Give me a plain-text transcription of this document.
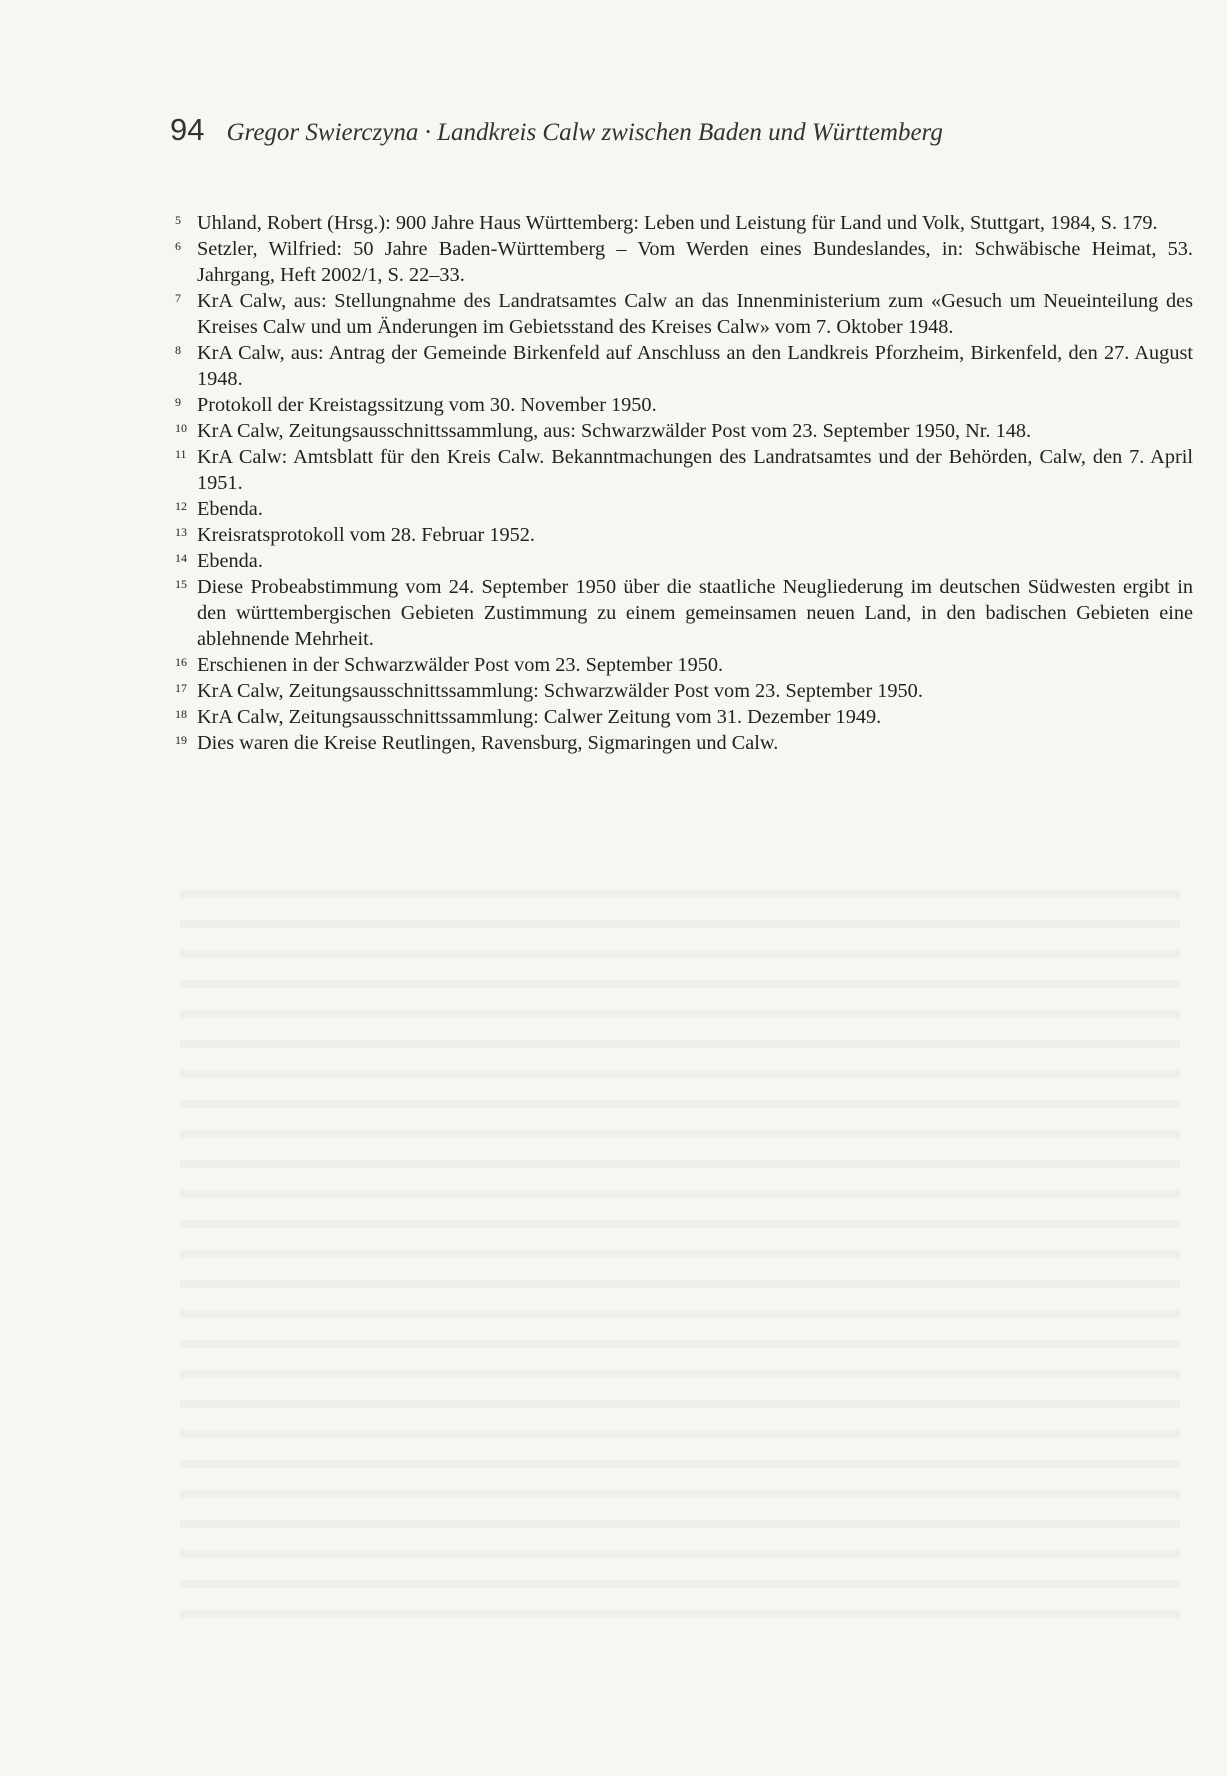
94 Gregor Swierczyna · Landkreis Calw zwischen Baden und Württemberg
5 Uhland, Robert (Hrsg.): 900 Jahre Haus Württemberg: Leben und Leistung für Land und Volk, Stuttgart, 1984, S. 179.
6 Setzler, Wilfried: 50 Jahre Baden-Württemberg – Vom Werden eines Bundeslandes, in: Schwäbische Heimat, 53. Jahrgang, Heft 2002/1, S. 22–33.
7 KrA Calw, aus: Stellungnahme des Landratsamtes Calw an das Innenministerium zum «Gesuch um Neueinteilung des Kreises Calw und um Änderungen im Gebietsstand des Kreises Calw» vom 7. Oktober 1948.
8 KrA Calw, aus: Antrag der Gemeinde Birkenfeld auf Anschluss an den Landkreis Pforzheim, Birkenfeld, den 27. August 1948.
9 Protokoll der Kreistagssitzung vom 30. November 1950.
10 KrA Calw, Zeitungsausschnittssammlung, aus: Schwarzwälder Post vom 23. September 1950, Nr. 148.
11 KrA Calw: Amtsblatt für den Kreis Calw. Bekanntmachungen des Landratsamtes und der Behörden, Calw, den 7. April 1951.
12 Ebenda.
13 Kreisratsprotokoll vom 28. Februar 1952.
14 Ebenda.
15 Diese Probeabstimmung vom 24. September 1950 über die staatliche Neugliederung im deutschen Südwesten ergibt in den württembergischen Gebieten Zustimmung zu einem gemeinsamen neuen Land, in den badischen Gebieten eine ablehnende Mehrheit.
16 Erschienen in der Schwarzwälder Post vom 23. September 1950.
17 KrA Calw, Zeitungsausschnittssammlung: Schwarzwälder Post vom 23. September 1950.
18 KrA Calw, Zeitungsausschnittssammlung: Calwer Zeitung vom 31. Dezember 1949.
19 Dies waren die Kreise Reutlingen, Ravensburg, Sigmaringen und Calw.
